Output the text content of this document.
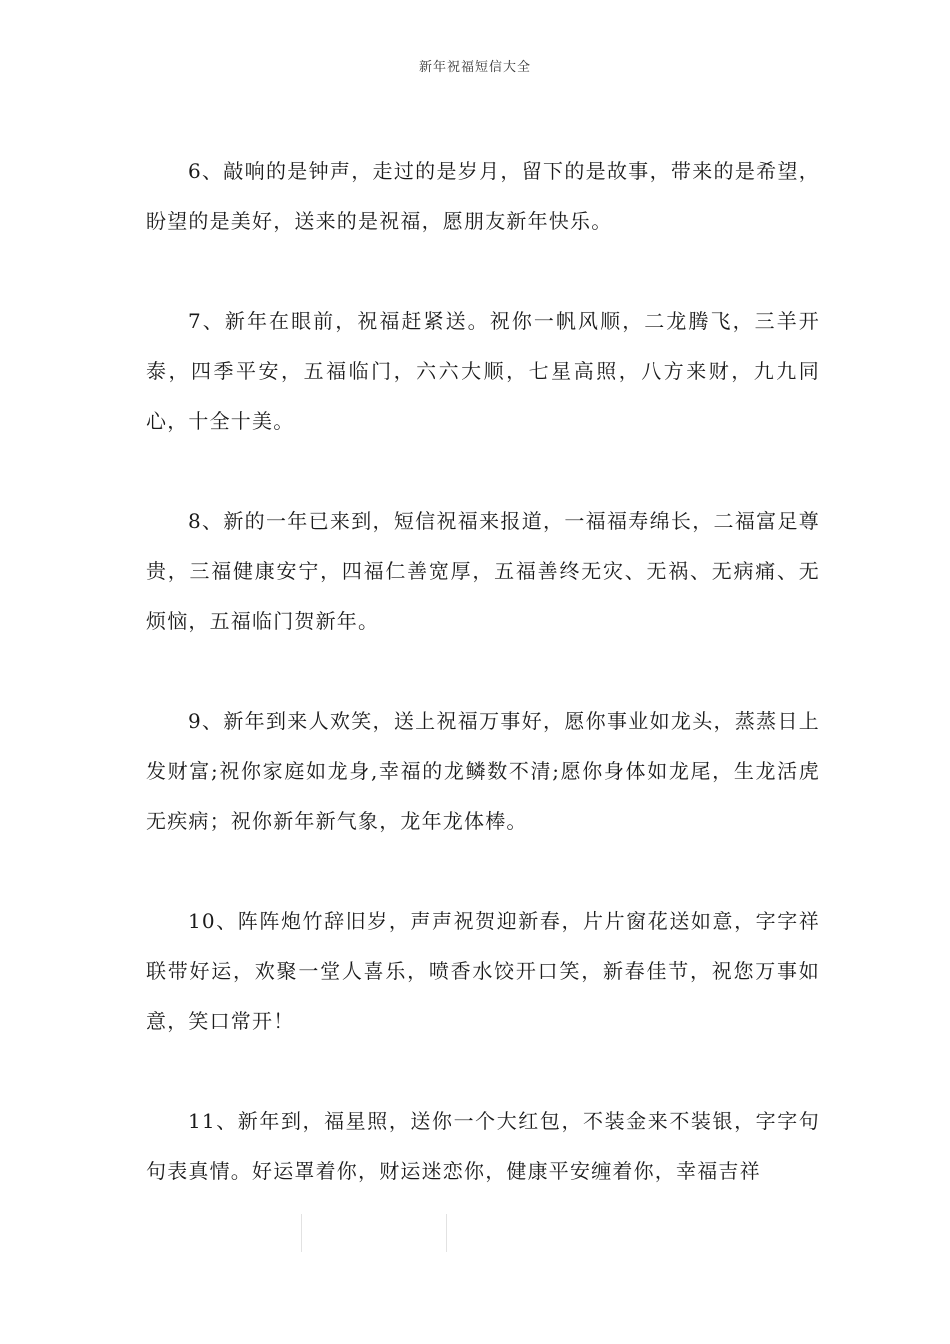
新年祝福短信大全

6、敲响的是钟声，走过的是岁月，留下的是故事，带来的是希望，盼望的是美好，送来的是祝福，愿朋友新年快乐。

7、新年在眼前，祝福赶紧送。祝你一帆风顺，二龙腾飞，三羊开泰，四季平安，五福临门，六六大顺，七星高照，八方来财，九九同心，十全十美。

8、新的一年已来到，短信祝福来报道，一福福寿绵长，二福富足尊贵，三福健康安宁，四福仁善宽厚，五福善终无灾、无祸、无病痛、无烦恼，五福临门贺新年。

9、新年到来人欢笑，送上祝福万事好，愿你事业如龙头，蒸蒸日上发财富;祝你家庭如龙身,幸福的龙鳞数不清;愿你身体如龙尾，生龙活虎无疾病；祝你新年新气象，龙年龙体棒。

10、阵阵炮竹辞旧岁，声声祝贺迎新春，片片窗花送如意，字字祥联带好运，欢聚一堂人喜乐，喷香水饺开口笑，新春佳节，祝您万事如意，笑口常开！

11、新年到，福星照，送你一个大红包，不装金来不装银，字字句句表真情。好运罩着你，财运迷恋你，健康平安缠着你，幸福吉祥
